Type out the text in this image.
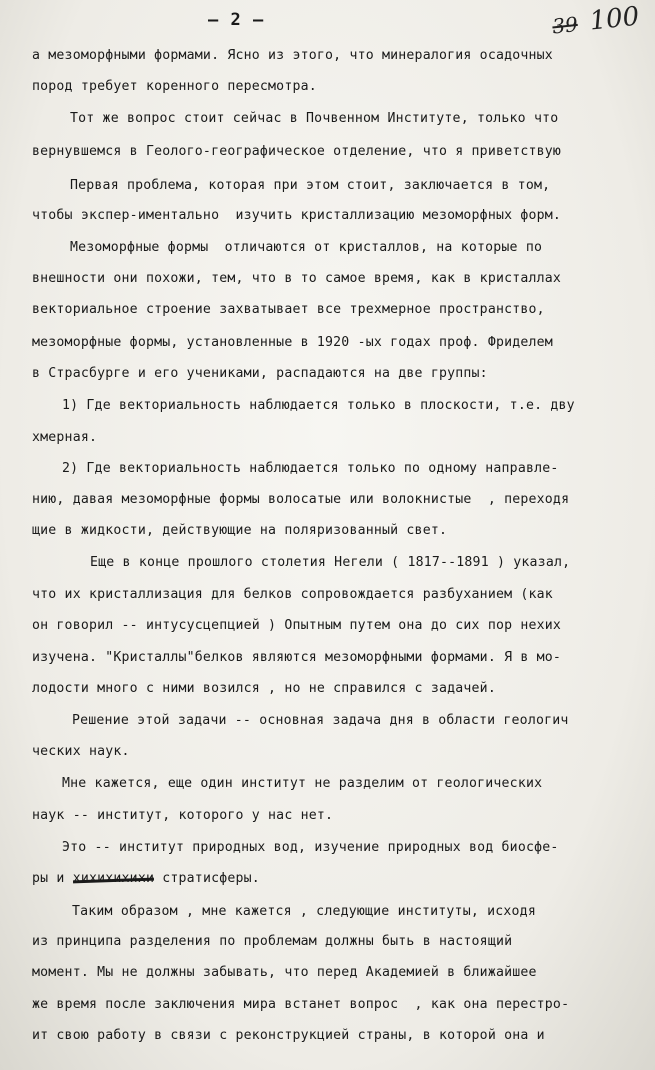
— 2 —	39 100
а мезоморфными формами. Ясно из этого, что минералогия осадочных
пород требует коренного пересмотра.
Тот же вопрос стоит сейчас в Почвенном Институте, только что
вернувшемся в Геолого-географическое отделение, что я приветствую
Первая проблема, которая при этом стоит, заключается в том,
чтобы экспер-иментально  изучить кристаллизацию мезоморфных форм.
Мезоморфные формы  отличаются от кристаллов, на которые по
внешности они похожи, тем, что в то самое время, как в кристаллах
векториальное строение захватывает все трехмерное пространство,
мезоморфные формы, установленные в 1920 -ых годах проф. Фриделем
в Страсбурге и его учениками, распадаются на две группы:
1) Где векториальность наблюдается только в плоскости, т.е. дву
хмерная.
2) Где векториальность наблюдается только по одному направле-
нию, давая мезоморфные формы волосатые или волокнистые  , переходя
щие в жидкости, действующие на поляризованный свет.
Еще в конце прошлого столетия Негели ( 1817--1891 ) указал,
что их кристаллизация для белков сопровождается разбуханием (как
он говорил -- интусусцепцией ) Опытным путем она до сих пор нехих
изучена. "Кристаллы"белков являются мезоморфными формами. Я в мо-
лодости много с ними возился , но не справился с задачей.
Решение этой задачи -- основная задача дня в области геологич
ческих наук.
Мне кажется, еще один институт не разделим от геологических
наук -- институт, которого у нас нет.
Это -- институт природных вод, изучение природных вод биосфе-
ры и хихихихихи стратисферы.
Таким образом , мне кажется , следующие институты, исходя
из принципа разделения по проблемам должны быть в настоящий
момент. Мы не должны забывать, что перед Академией в ближайшее
же время после заключения мира встанет вопрос  , как она перестро-
ит свою работу в связи с реконструкцией страны, в которой она и
